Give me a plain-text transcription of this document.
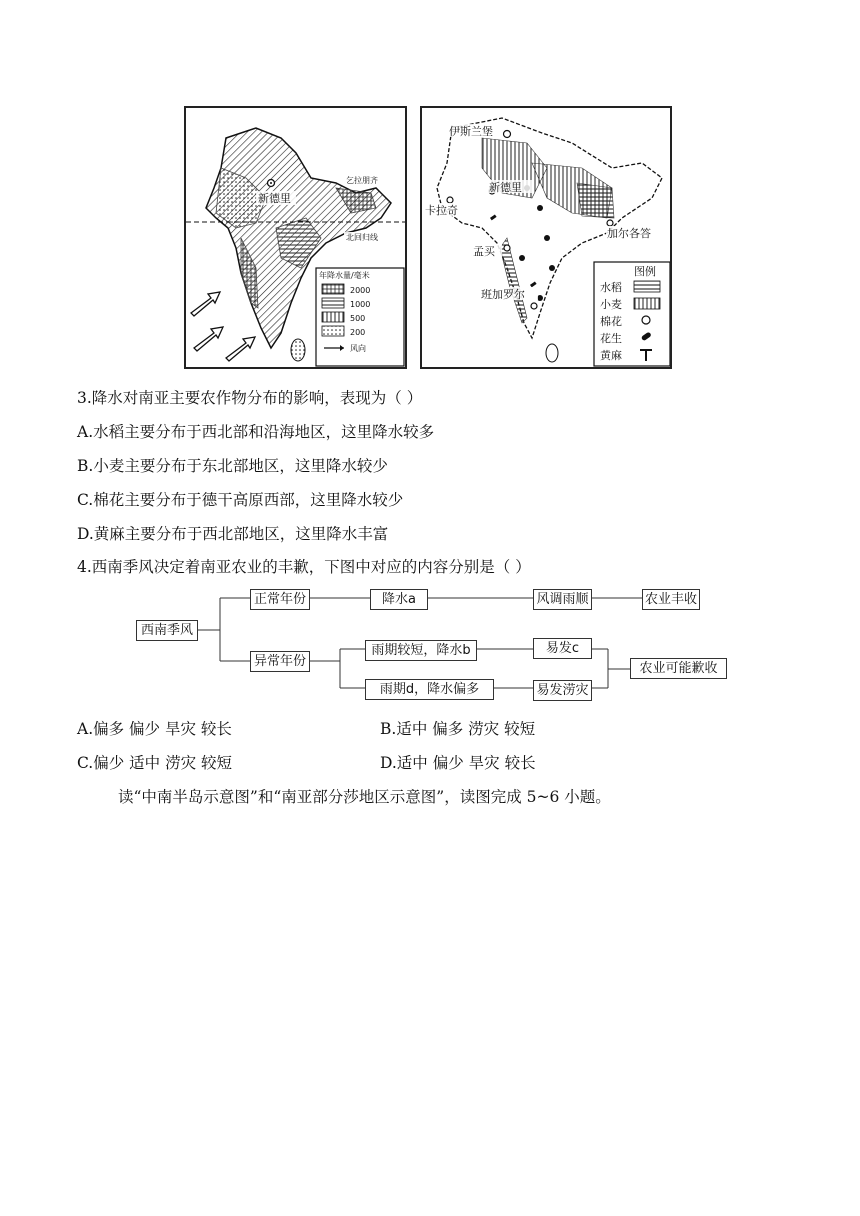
新德里
乞拉朋齐
北回归线
年降水量/毫米
2000
1000
500
200
风向
伊斯兰堡
新德里
卡拉奇
加尔各答
孟买
班加罗尔
图例
水稻
小麦
棉花
花生
黄麻
3.降水对南亚主要农作物分布的影响，表现为（ ）
A.水稻主要分布于西北部和沿海地区，这里降水较多
B.小麦主要分布于东北部地区，这里降水较少
C.棉花主要分布于德干高原西部，这里降水较少
D.黄麻主要分布于西北部地区，这里降水丰富
4.西南季风决定着南亚农业的丰歉，下图中对应的内容分别是（ ）
西南季风
正常年份
异常年份
降水a	风调雨顺	农业丰收
雨期较短，降水b	易发c
雨期d，降水偏多	易发涝灾
农业可能歉收
A.偏多 偏少 旱灾 较长	B.适中 偏多 涝灾 较短
C.偏少 适中 涝灾 较短	D.适中 偏少 旱灾 较长
读“中南半岛示意图”和“南亚部分莎地区示意图”，读图完成 5~6 小题。
